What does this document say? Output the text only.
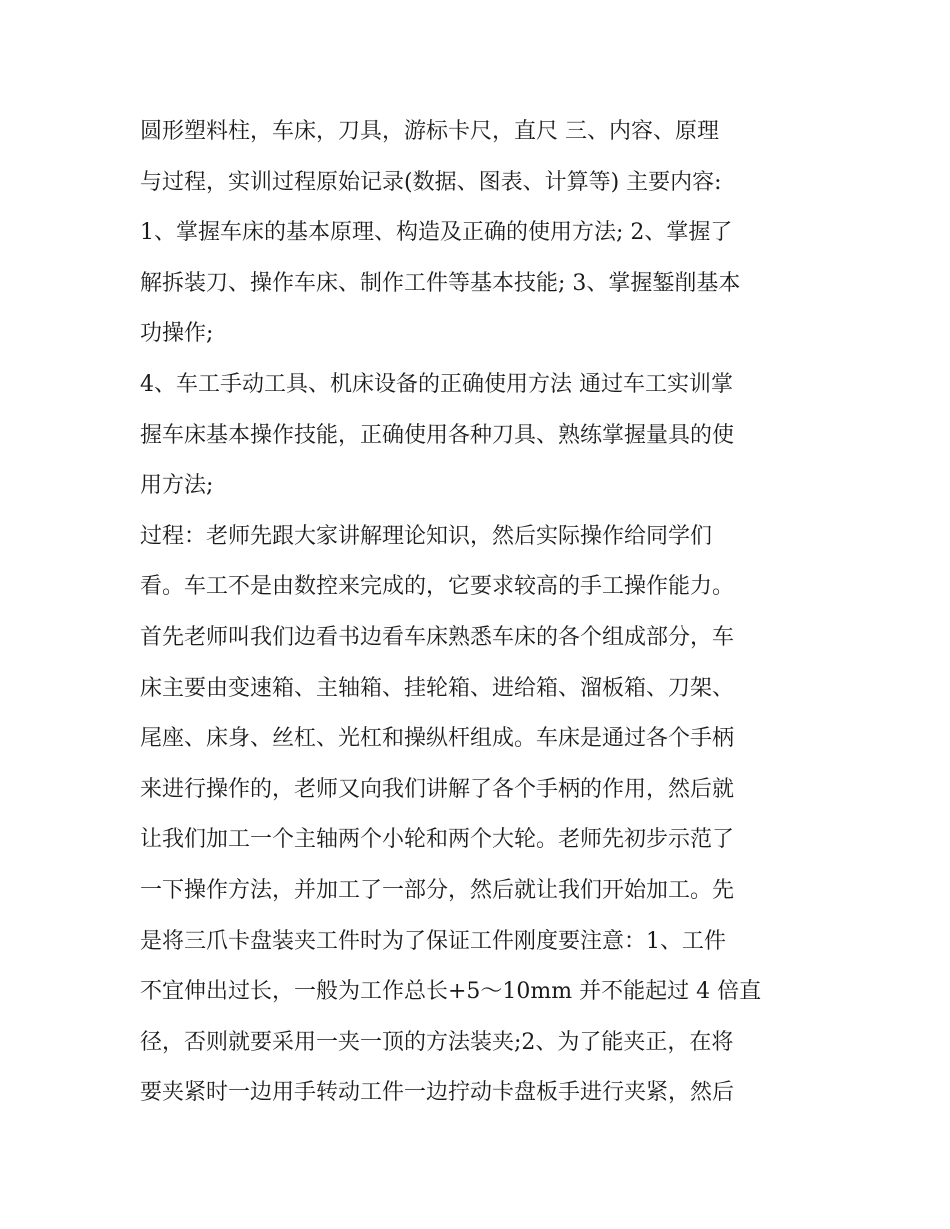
圆形塑料柱，车床，刀具，游标卡尺，直尺 三、内容、原理
与过程，实训过程原始记录(数据、图表、计算等) 主要内容:
1、掌握车床的基本原理、构造及正确的使用方法; 2、掌握了
解拆装刀、操作车床、制作工件等基本技能; 3、掌握錾削基本
功操作;
4、车工手动工具、机床设备的正确使用方法 通过车工实训掌
握车床基本操作技能，正确使用各种刀具、熟练掌握量具的使
用方法;
过程：老师先跟大家讲解理论知识，然后实际操作给同学们
看。车工不是由数控来完成的，它要求较高的手工操作能力。
首先老师叫我们边看书边看车床熟悉车床的各个组成部分，车
床主要由变速箱、主轴箱、挂轮箱、进给箱、溜板箱、刀架、
尾座、床身、丝杠、光杠和操纵杆组成。车床是通过各个手柄
来进行操作的，老师又向我们讲解了各个手柄的作用，然后就
让我们加工一个主轴两个小轮和两个大轮。老师先初步示范了
一下操作方法，并加工了一部分，然后就让我们开始加工。先
是将三爪卡盘装夹工件时为了保证工件刚度要注意：1、工件
不宜伸出过长，一般为工作总长+5～10mm 并不能起过 4 倍直
径，否则就要采用一夹一顶的方法装夹;2、为了能夹正，在将
要夹紧时一边用手转动工件一边拧动卡盘板手进行夹紧，然后
